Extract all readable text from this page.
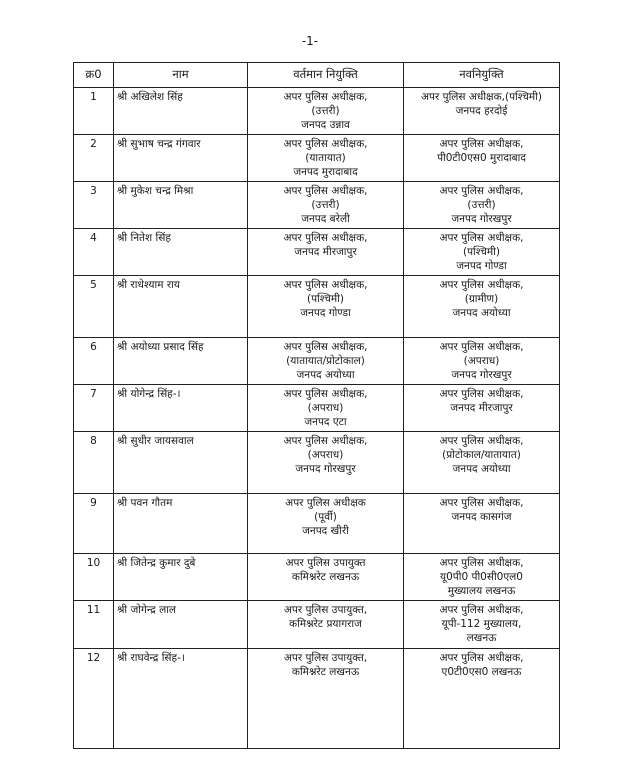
-1-
क्र0	नाम	वर्तमान नियुक्ति	नवनियुक्ति
1	श्री अखिलेश सिंह	अपर पुलिस अधीक्षक,
(उत्तरी)
जनपद उन्नाव	अपर पुलिस अधीक्षक,(पश्चिमी)
जनपद हरदोई

2	श्री सुभाष चन्द्र गंगवार	अपर पुलिस अधीक्षक,
(यातायात)
जनपद मुरादाबाद	अपर पुलिस अधीक्षक,
पी0टी0एस0 मुरादाबाद

3	श्री मुकेश चन्द्र मिश्रा	अपर पुलिस अधीक्षक,
(उत्तरी)
जनपद बरेली	अपर पुलिस अधीक्षक,
(उत्तरी)
जनपद गोरखपुर

4	श्री नितेश सिंह	अपर पुलिस अधीक्षक,
जनपद मीरजापुर	अपर पुलिस अधीक्षक,
(पश्चिमी)
जनपद गोण्डा

5	श्री राधेश्याम राय	अपर पुलिस अधीक्षक,
(पश्चिमी)
जनपद गोण्डा	अपर पुलिस अधीक्षक,
(ग्रामीण)
जनपद अयोध्या

6	श्री अयोध्या प्रसाद सिंह	अपर पुलिस अधीक्षक,
(यातायात/प्रोटोकाल)
जनपद अयोध्या	अपर पुलिस अधीक्षक,
(अपराध)
जनपद गोरखपुर

7	श्री योगेन्द्र सिंह-।	अपर पुलिस अधीक्षक,
(अपराध)
जनपद एटा	अपर पुलिस अधीक्षक,
जनपद मीरजापुर

8	श्री सुधीर जायसवाल	अपर पुलिस अधीक्षक,
(अपराध)
जनपद गोरखपुर	अपर पुलिस अधीक्षक,
(प्रोटोकाल/यातायात)
जनपद अयोध्या

9	श्री पवन गौतम	अपर पुलिस अधीक्षक
(पूर्वी)
जनपद खीरी	अपर पुलिस अधीक्षक,
जनपद कासगंज

10	श्री जितेन्द्र कुमार दुबे	अपर पुलिस उपायुक्त
कमिश्नरेट लखनऊ	अपर पुलिस अधीक्षक,
यू0पी0 पी0सी0एल0
मुख्यालय लखनऊ

11	श्री जोगेन्द्र लाल	अपर पुलिस उपायुक्त,
कमिश्नरेट प्रयागराज	अपर पुलिस अधीक्षक,
यूपी-112 मुख्यालय,
लखनऊ

12	श्री राघवेन्द्र सिंह-।	अपर पुलिस उपायुक्त,
कमिश्नरेट लखनऊ	अपर पुलिस अधीक्षक,
ए0टी0एस0 लखनऊ
